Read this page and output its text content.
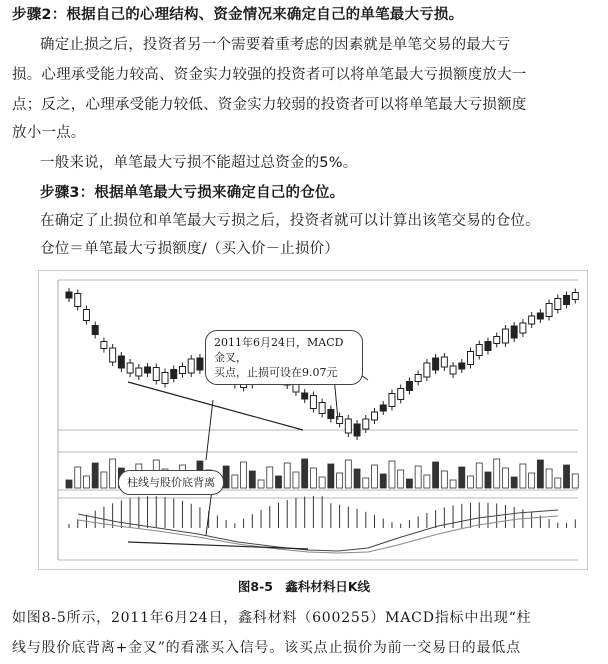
步骤2：根据自己的心理结构、资金情况来确定自己的单笔最大亏损。
确定止损之后，投资者另一个需要着重考虑的因素就是单笔交易的最大亏
损。心理承受能力较高、资金实力较强的投资者可以将单笔最大亏损额度放大一
点；反之，心理承受能力较低、资金实力较弱的投资者可以将单笔最大亏损额度
放小一点。
一般来说，单笔最大亏损不能超过总资金的5%。
步骤3：根据单笔最大亏损来确定自己的仓位。
在确定了止损位和单笔最大亏损之后，投资者就可以计算出该笔交易的仓位。
仓位＝单笔最大亏损额度/（买入价－止损价）
2011年6月24日，MACD金叉，
买点，止损可设在9.07元
柱线与股价底背离
图8-5 鑫科材料日K线
如图8-5所示，2011年6月24日，鑫科材料（600255）MACD指标中出现“柱
线与股价底背离+金叉”的看涨买入信号。该买点止损价为前一交易日的最低点
